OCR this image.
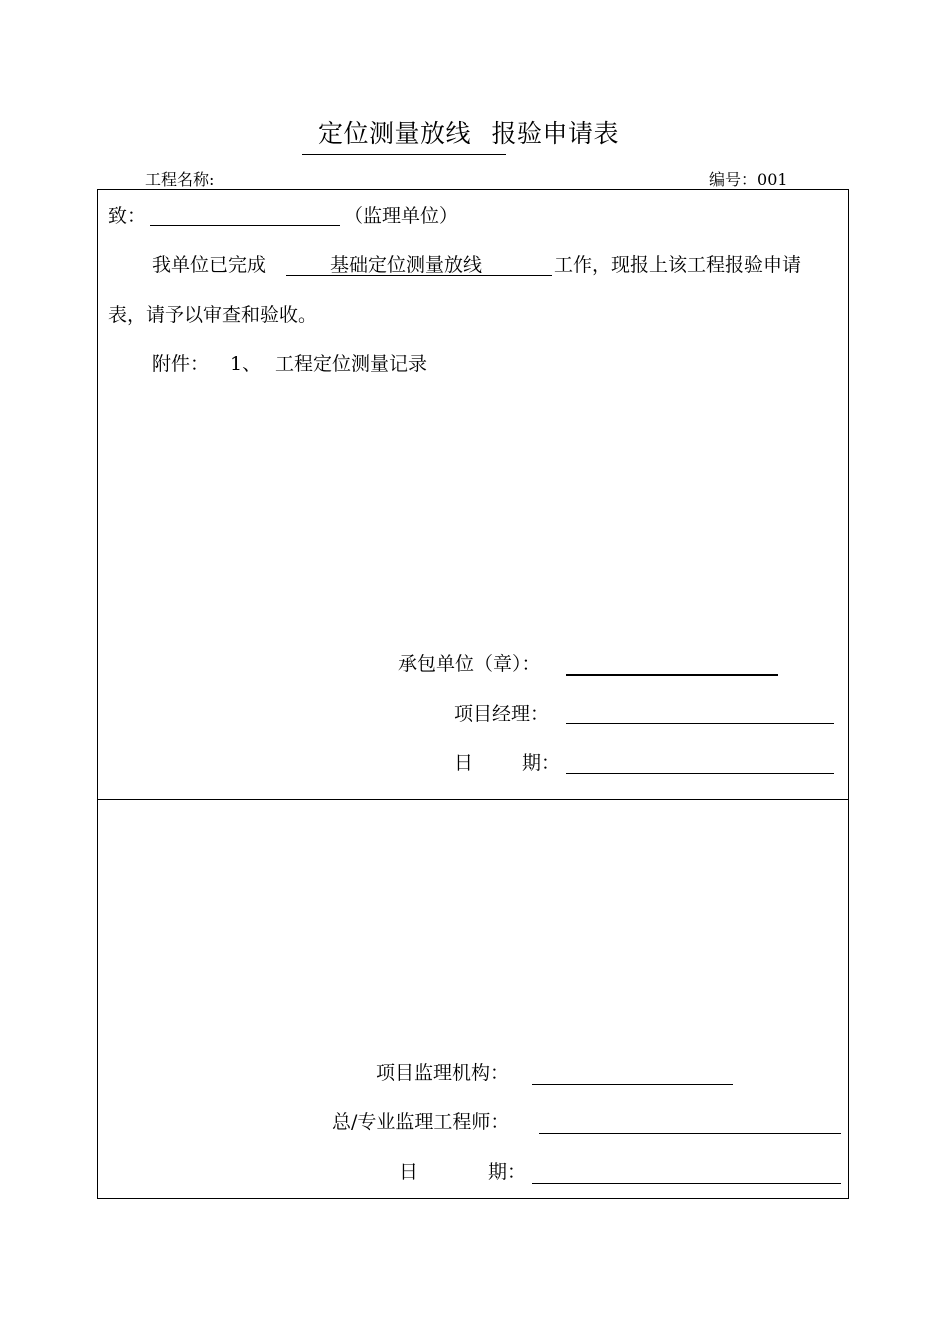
定位测量放线 报验申请表
工程名称:	编号：001
致：	（监理单位）
我单位已完成	基础定位测量放线	工作，现报上该工程报验申请
表，请予以审查和验收。
附件： 1、 工程定位测量记录
承包单位（章）：
项目经理：
日	期：
项目监理机构：
总/专业监理工程师：
日	期：
